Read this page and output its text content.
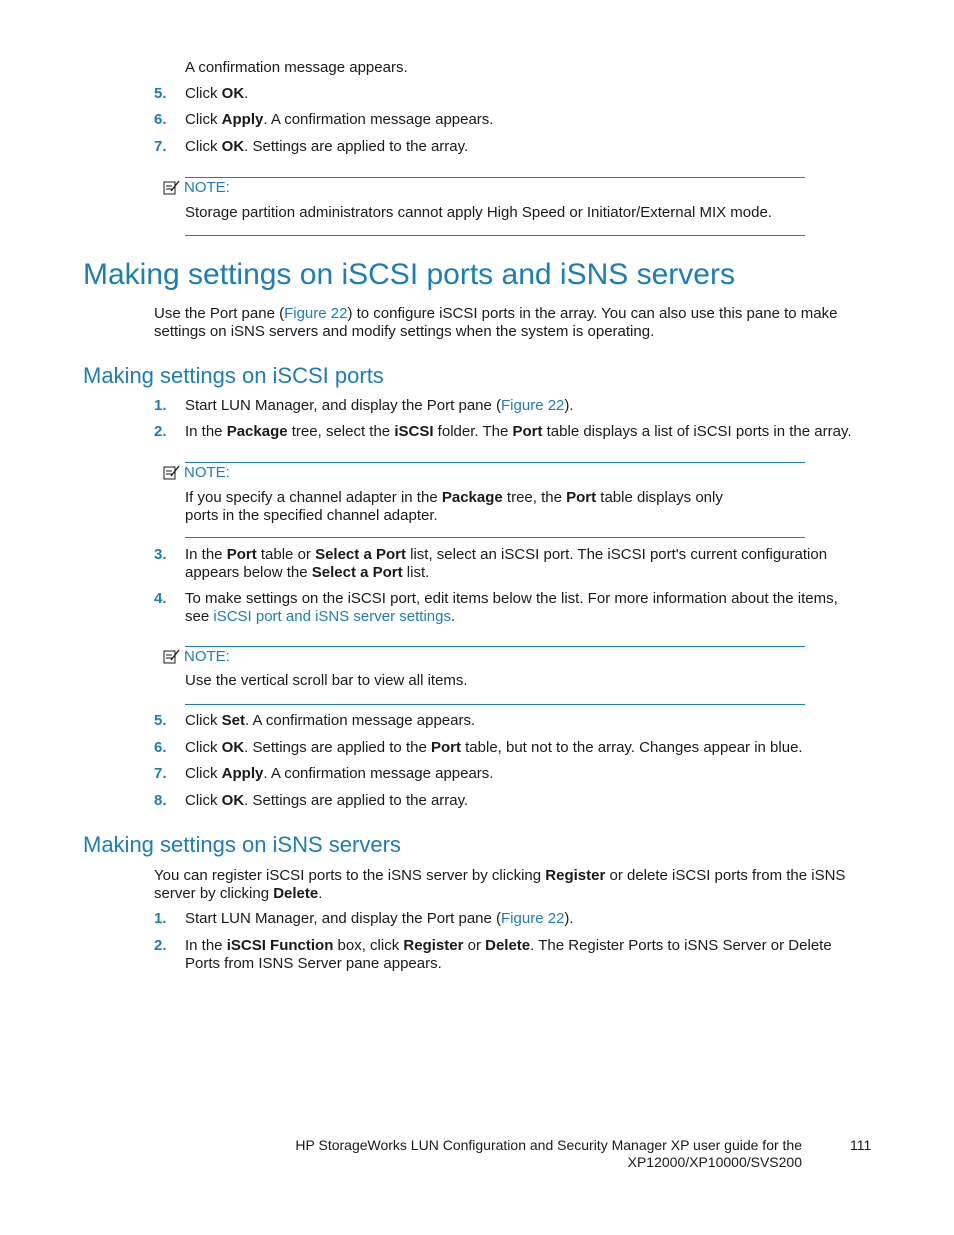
A confirmation message appears.
5. Click OK.
6. Click Apply. A confirmation message appears.
7. Click OK. Settings are applied to the array.
NOTE:
Storage partition administrators cannot apply High Speed or Initiator/External MIX mode.
Making settings on iSCSI ports and iSNS servers
Use the Port pane (Figure 22) to configure iSCSI ports in the array. You can also use this pane to make settings on iSNS servers and modify settings when the system is operating.
Making settings on iSCSI ports
1. Start LUN Manager, and display the Port pane (Figure 22).
2. In the Package tree, select the iSCSI folder. The Port table displays a list of iSCSI ports in the array.
NOTE:
If you specify a channel adapter in the Package tree, the Port table displays only ports in the specified channel adapter.
3. In the Port table or Select a Port list, select an iSCSI port. The iSCSI port's current configuration appears below the Select a Port list.
4. To make settings on the iSCSI port, edit items below the list. For more information about the items, see iSCSI port and iSNS server settings.
NOTE:
Use the vertical scroll bar to view all items.
5. Click Set. A confirmation message appears.
6. Click OK. Settings are applied to the Port table, but not to the array. Changes appear in blue.
7. Click Apply. A confirmation message appears.
8. Click OK. Settings are applied to the array.
Making settings on iSNS servers
You can register iSCSI ports to the iSNS server by clicking Register or delete iSCSI ports from the iSNS server by clicking Delete.
1. Start LUN Manager, and display the Port pane (Figure 22).
2. In the iSCSI Function box, click Register or Delete. The Register Ports to iSNS Server or Delete Ports from ISNS Server pane appears.
HP StorageWorks LUN Configuration and Security Manager XP user guide for the
XP12000/XP10000/SVS200
111
